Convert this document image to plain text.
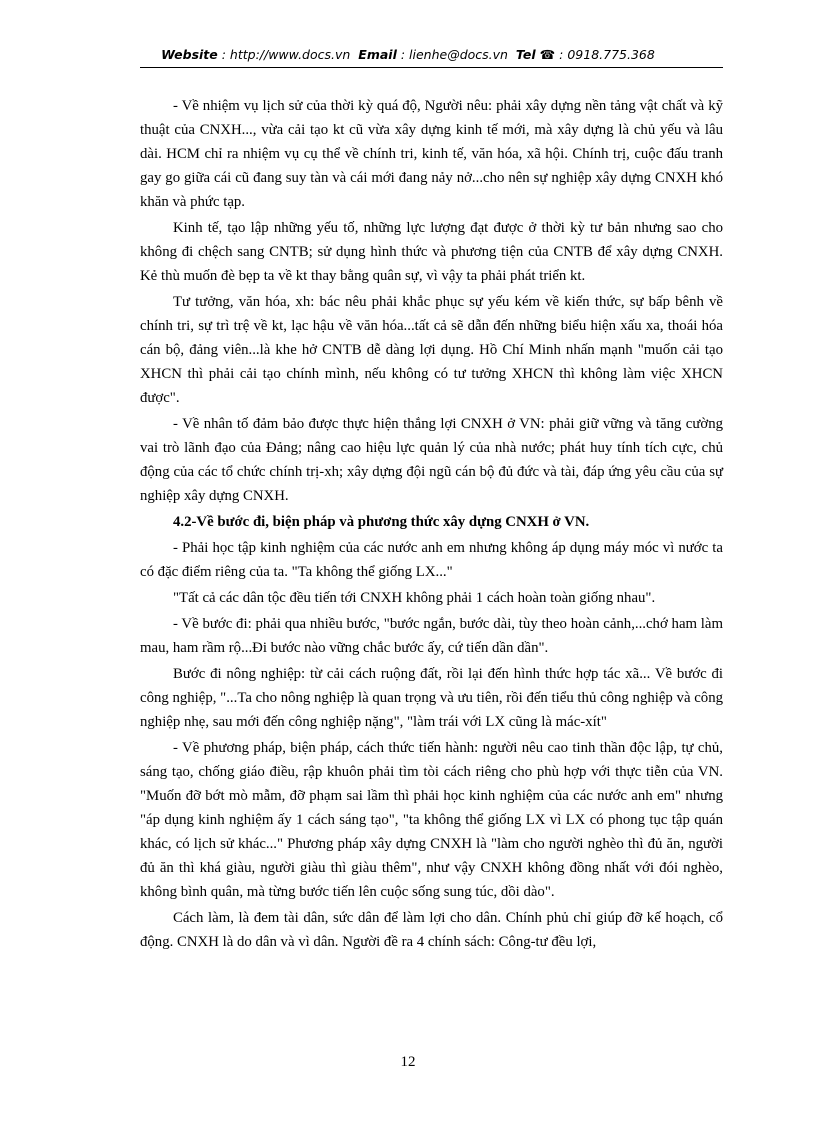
Website : http://www.docs.vn Email : lienhe@docs.vn Tel ☎ : 0918.775.368

- Về nhiệm vụ lịch sử của thời kỳ quá độ, Người nêu: phải xây dựng nền tảng vật chất và kỹ thuật của CNXH..., vừa cải tạo kt cũ vừa xây dựng kinh tế mới, mà xây dựng là chủ yếu và lâu dài. HCM chỉ ra nhiệm vụ cụ thể về chính tri, kinh tế, văn hóa, xã hội. Chính trị, cuộc đấu tranh gay go giữa cái cũ đang suy tàn và cái mới đang nảy nở...cho nên sự nghiệp xây dựng CNXH khó khăn và phức tạp.

Kinh tế, tạo lập những yếu tố, những lực lượng đạt được ở thời kỳ tư bản nhưng sao cho không đi chệch sang CNTB; sử dụng hình thức và phương tiện của CNTB để xây dựng CNXH. Kẻ thù muốn đè bẹp ta về kt thay bằng quân sự, vì vậy ta phải phát triển kt.

Tư tưởng, văn hóa, xh: bác nêu phải khắc phục sự yếu kém về kiến thức, sự bấp bênh về chính tri, sự trì trệ về kt, lạc hậu về văn hóa...tất cả sẽ dẫn đến những biểu hiện xấu xa, thoái hóa cán bộ, đảng viên...là khe hở CNTB dễ dàng lợi dụng. Hồ Chí Minh nhấn mạnh "muốn cải tạo XHCN thì phải cải tạo chính mình, nếu không có tư tưởng XHCN thì không làm việc XHCN được".

- Về nhân tố đảm bảo được thực hiện thắng lợi CNXH ở VN: phải giữ vững và tăng cường vai trò lãnh đạo của Đảng; nâng cao hiệu lực quản lý của nhà nước; phát huy tính tích cực, chủ động của các tổ chức chính trị-xh; xây dựng đội ngũ cán bộ đủ đức và tài, đáp ứng yêu cầu của sự nghiệp xây dựng CNXH.

4.2-Về bước đi, biện pháp và phương thức xây dựng CNXH ở VN.

- Phải học tập kinh nghiệm của các nước anh em nhưng không áp dụng máy móc vì nước ta có đặc điểm riêng của ta. "Ta không thể giống LX..."

"Tất cả các dân tộc đều tiến tới CNXH không phải 1 cách hoàn toàn giống nhau".

- Về bước đi: phải qua nhiều bước, "bước ngắn, bước dài, tùy theo hoàn cảnh,...chớ ham làm mau, ham rầm rộ...Đi bước nào vững chắc bước ấy, cứ tiến dần dần".

Bước đi nông nghiệp: từ cải cách ruộng đất, rồi lại đến hình thức hợp tác xã... Về bước đi công nghiệp, "...Ta cho nông nghiệp là quan trọng và ưu tiên, rồi đến tiểu thủ công nghiệp và công nghiệp nhẹ, sau mới đến công nghiệp nặng", "làm trái với LX cũng là mác-xít"

- Về phương pháp, biện pháp, cách thức tiến hành: người nêu cao tinh thần độc lập, tự chủ, sáng tạo, chống giáo điều, rập khuôn phải tìm tòi cách riêng cho phù hợp với thực tiễn của VN. "Muốn đỡ bớt mò mẫm, đỡ phạm sai lầm thì phải học kinh nghiệm của các nước anh em" nhưng "áp dụng kinh nghiệm ấy 1 cách sáng tạo", "ta không thể giống LX vì LX có phong tục tập quán khác, có lịch sử khác..." Phương pháp xây dựng CNXH là "làm cho người nghèo thì đủ ăn, người đủ ăn thì khá giàu, người giàu thì giàu thêm", như vậy CNXH không đồng nhất với đói nghèo, không bình quân, mà từng bước tiến lên cuộc sống sung túc, dồi dào".

Cách làm, là đem tài dân, sức dân để làm lợi cho dân. Chính phủ chỉ giúp đỡ kế hoạch, cổ động. CNXH là do dân và vì dân. Người đề ra 4 chính sách: Công-tư đều lợi,

12
